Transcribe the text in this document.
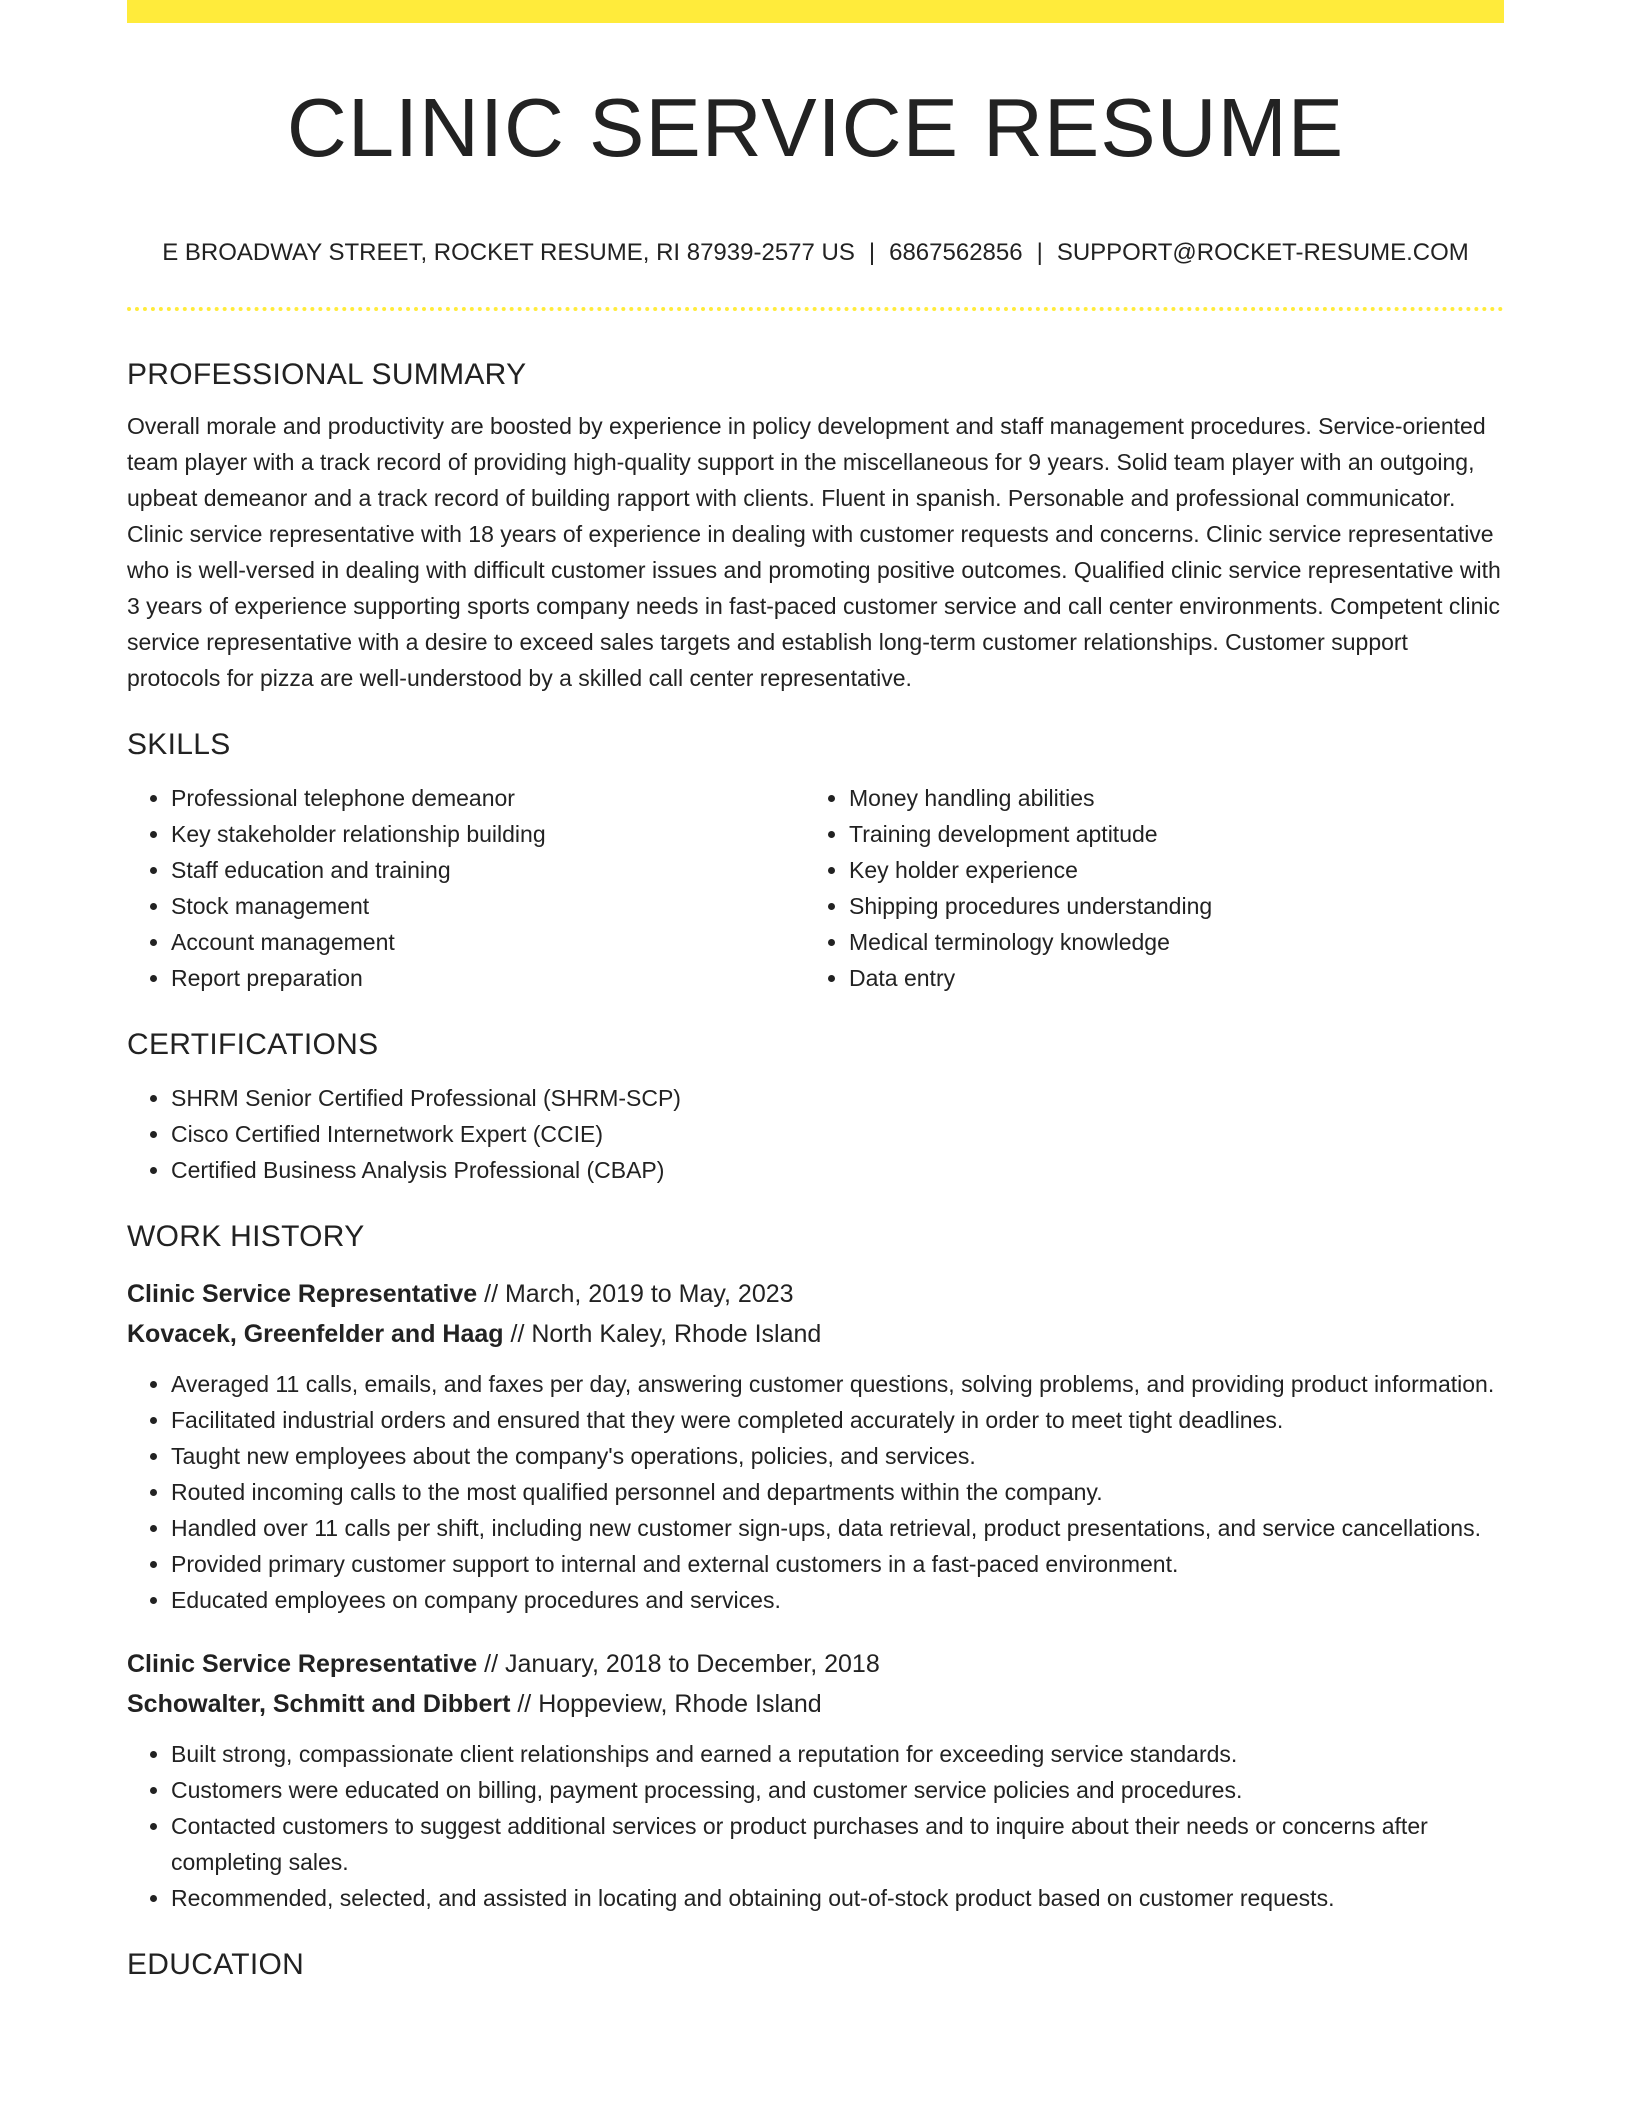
CLINIC SERVICE RESUME
E BROADWAY STREET, ROCKET RESUME, RI 87939-2577 US | 6867562856 | SUPPORT@ROCKET-RESUME.COM
PROFESSIONAL SUMMARY

Overall morale and productivity are boosted by experience in policy development and staff management procedures. Service-oriented team player with a track record of providing high-quality support in the miscellaneous for 9 years. Solid team player with an outgoing, upbeat demeanor and a track record of building rapport with clients. Fluent in spanish. Personable and professional communicator. Clinic service representative with 18 years of experience in dealing with customer requests and concerns. Clinic service representative who is well-versed in dealing with difficult customer issues and promoting positive outcomes. Qualified clinic service representative with 3 years of experience supporting sports company needs in fast-paced customer service and call center environments. Competent clinic service representative with a desire to exceed sales targets and establish long-term customer relationships. Customer support protocols for pizza are well-understood by a skilled call center representative.

SKILLS
• Professional telephone demeanor
• Key stakeholder relationship building
• Staff education and training
• Stock management
• Account management
• Report preparation
• Money handling abilities
• Training development aptitude
• Key holder experience
• Shipping procedures understanding
• Medical terminology knowledge
• Data entry
CERTIFICATIONS
• SHRM Senior Certified Professional (SHRM-SCP)
• Cisco Certified Internetwork Expert (CCIE)
• Certified Business Analysis Professional (CBAP)
WORK HISTORY
Clinic Service Representative // March, 2019 to May, 2023
Kovacek, Greenfelder and Haag // North Kaley, Rhode Island
• Averaged 11 calls, emails, and faxes per day, answering customer questions, solving problems, and providing product information.
• Facilitated industrial orders and ensured that they were completed accurately in order to meet tight deadlines.
• Taught new employees about the company's operations, policies, and services.
• Routed incoming calls to the most qualified personnel and departments within the company.
• Handled over 11 calls per shift, including new customer sign-ups, data retrieval, product presentations, and service cancellations.
• Provided primary customer support to internal and external customers in a fast-paced environment.
• Educated employees on company procedures and services.
Clinic Service Representative // January, 2018 to December, 2018
Schowalter, Schmitt and Dibbert // Hoppeview, Rhode Island
• Built strong, compassionate client relationships and earned a reputation for exceeding service standards.
• Customers were educated on billing, payment processing, and customer service policies and procedures.
• Contacted customers to suggest additional services or product purchases and to inquire about their needs or concerns after completing sales.
• Recommended, selected, and assisted in locating and obtaining out-of-stock product based on customer requests.
EDUCATION
